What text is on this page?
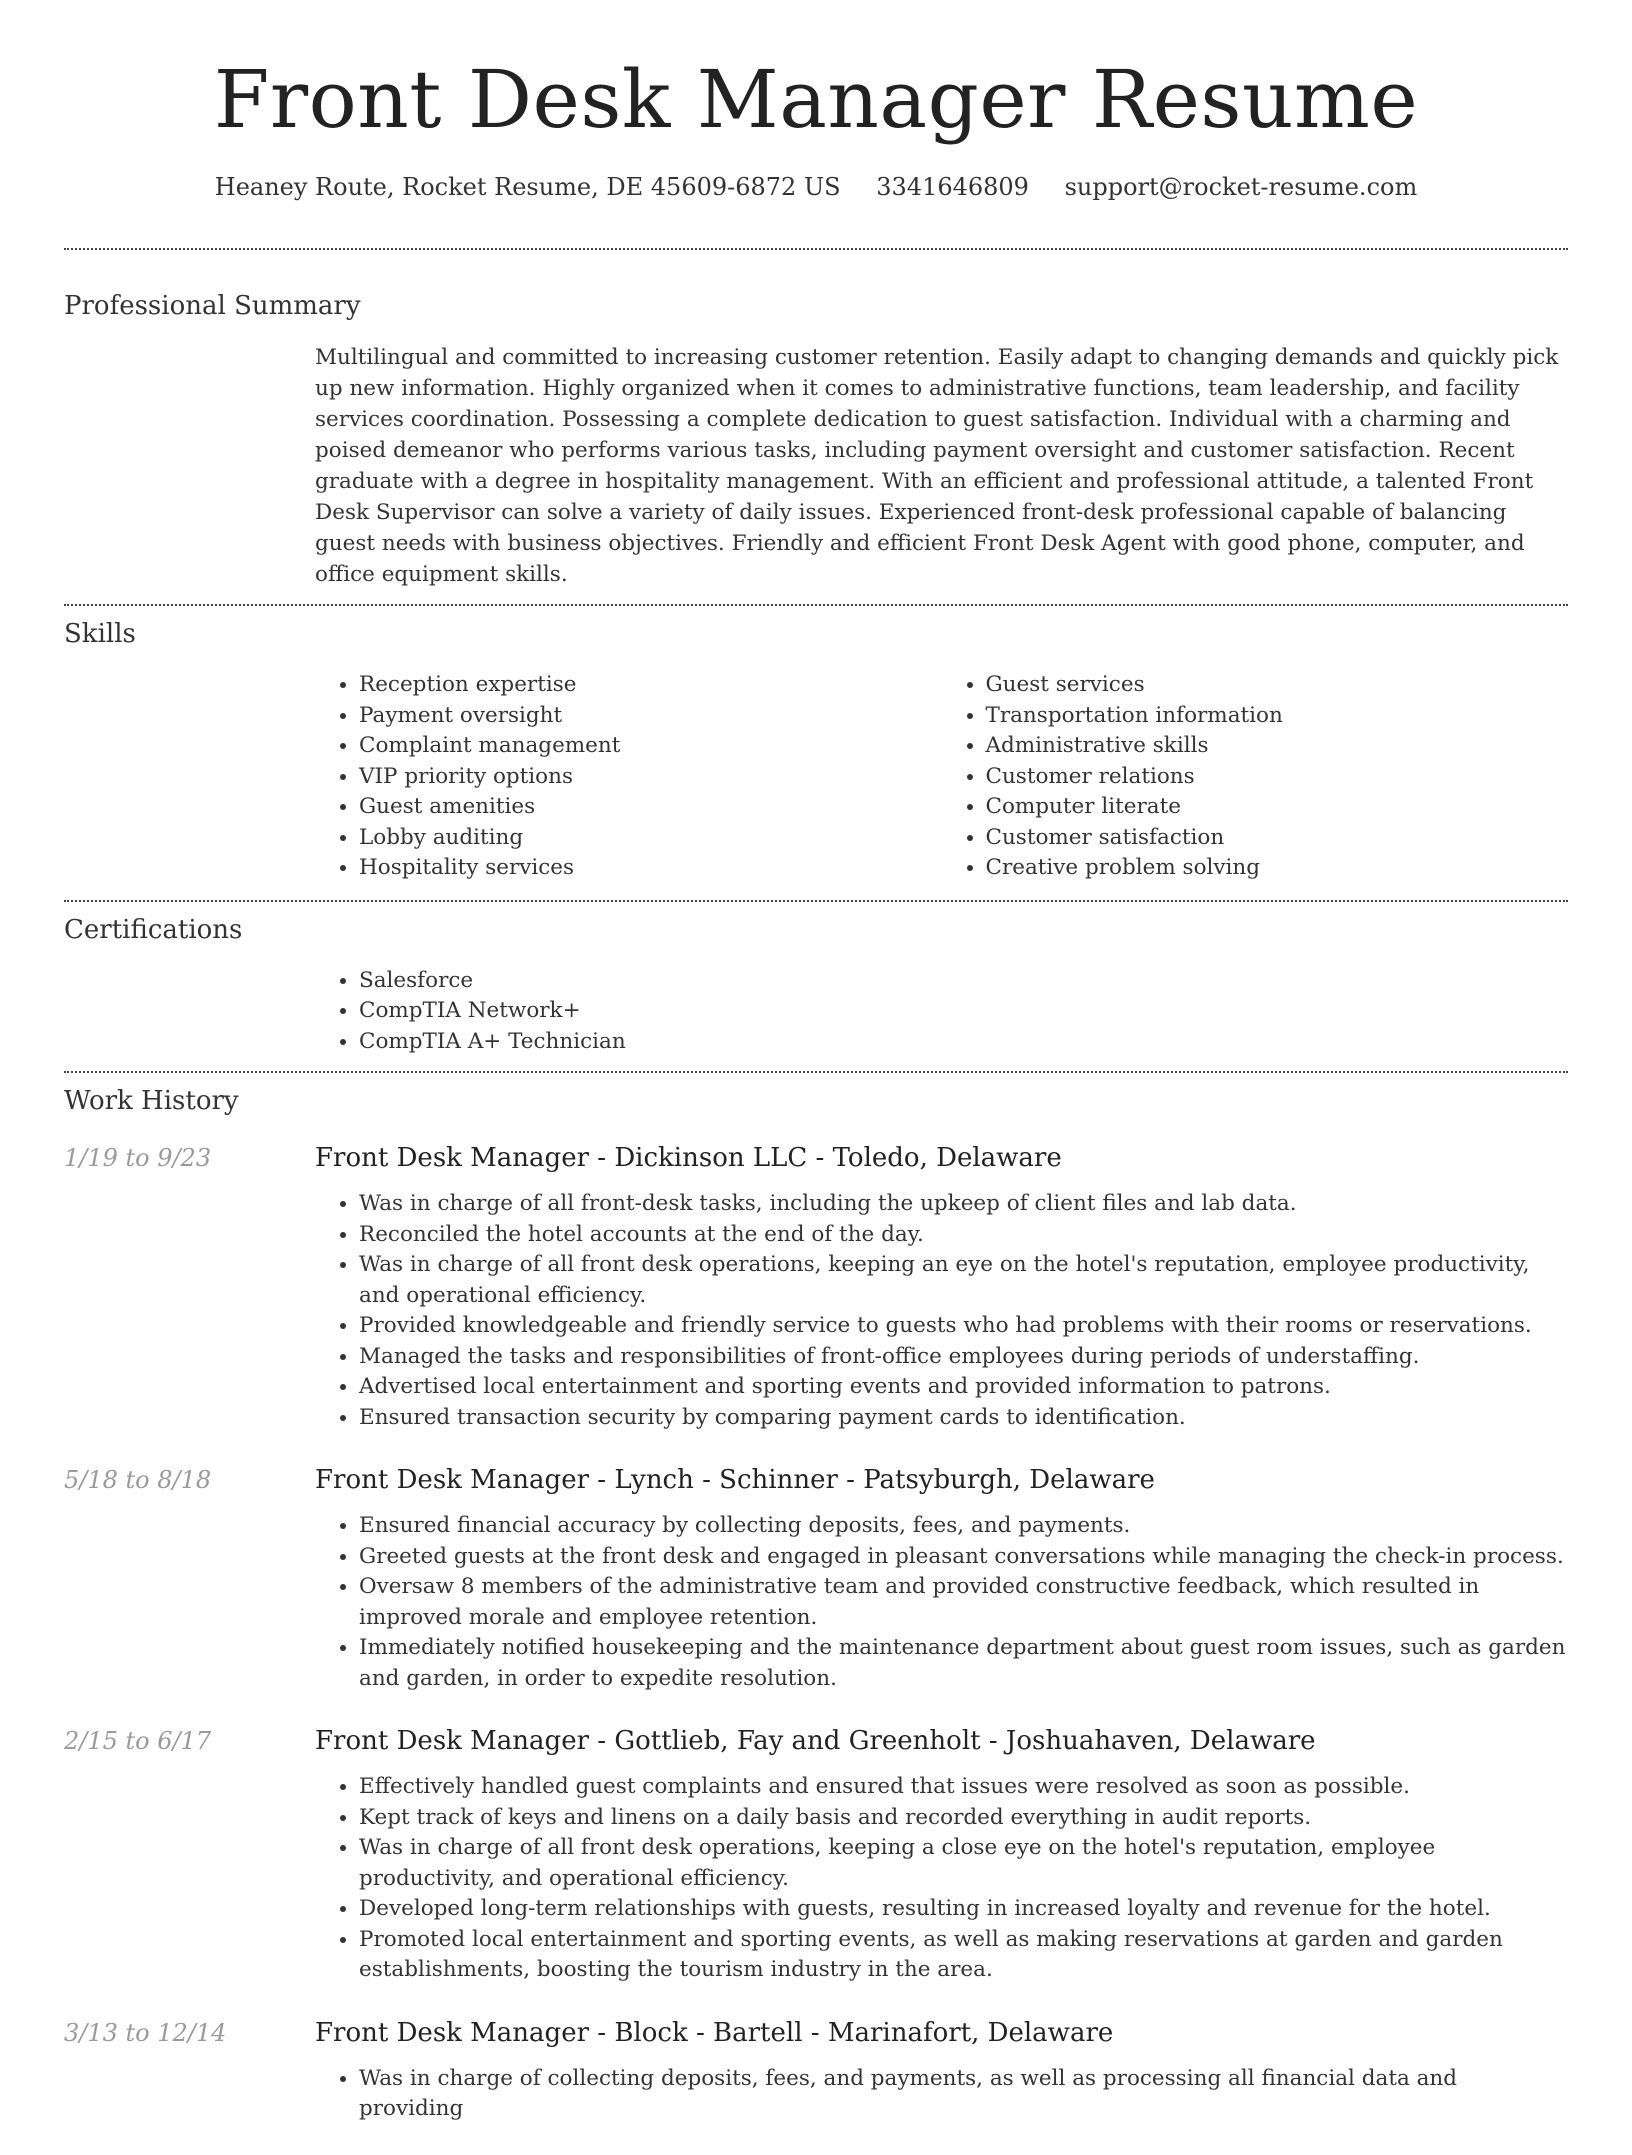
Front Desk Manager Resume
Heaney Route, Rocket Resume, DE 45609-6872 US 3341646809 support@rocket-resume.com
Professional Summary

Multilingual and committed to increasing customer retention. Easily adapt to changing demands and quickly pick up new information. Highly organized when it comes to administrative functions, team leadership, and facility services coordination. Possessing a complete dedication to guest satisfaction. Individual with a charming and poised demeanor who performs various tasks, including payment oversight and customer satisfaction. Recent graduate with a degree in hospitality management. With an efficient and professional attitude, a talented Front Desk Supervisor can solve a variety of daily issues. Experienced front-desk professional capable of balancing guest needs with business objectives. Friendly and efficient Front Desk Agent with good phone, computer, and office equipment skills.

Skills
• Reception expertise
• Payment oversight
• Complaint management
• VIP priority options
• Guest amenities
• Lobby auditing
• Hospitality services
• Guest services
• Transportation information
• Administrative skills
• Customer relations
• Computer literate
• Customer satisfaction
• Creative problem solving
Certifications
• Salesforce
• CompTIA Network+
• CompTIA A+ Technician
Work History
1/19 to 9/23	Front Desk Manager - Dickinson LLC - Toledo, Delaware
• Was in charge of all front-desk tasks, including the upkeep of client files and lab data.
• Reconciled the hotel accounts at the end of the day.
• Was in charge of all front desk operations, keeping an eye on the hotel's reputation, employee productivity, and operational efficiency.
• Provided knowledgeable and friendly service to guests who had problems with their rooms or reservations.
• Managed the tasks and responsibilities of front-office employees during periods of understaffing.
• Advertised local entertainment and sporting events and provided information to patrons.
• Ensured transaction security by comparing payment cards to identification.
5/18 to 8/18	Front Desk Manager - Lynch - Schinner - Patsyburgh, Delaware
• Ensured financial accuracy by collecting deposits, fees, and payments.
• Greeted guests at the front desk and engaged in pleasant conversations while managing the check-in process.
• Oversaw 8 members of the administrative team and provided constructive feedback, which resulted in improved morale and employee retention.
• Immediately notified housekeeping and the maintenance department about guest room issues, such as garden and garden, in order to expedite resolution.
2/15 to 6/17	Front Desk Manager - Gottlieb, Fay and Greenholt - Joshuahaven, Delaware
• Effectively handled guest complaints and ensured that issues were resolved as soon as possible.
• Kept track of keys and linens on a daily basis and recorded everything in audit reports.
• Was in charge of all front desk operations, keeping a close eye on the hotel's reputation, employee productivity, and operational efficiency.
• Developed long-term relationships with guests, resulting in increased loyalty and revenue for the hotel.
• Promoted local entertainment and sporting events, as well as making reservations at garden and garden establishments, boosting the tourism industry in the area.
3/13 to 12/14	Front Desk Manager - Block - Bartell - Marinafort, Delaware
• Was in charge of collecting deposits, fees, and payments, as well as processing all financial data and providing
